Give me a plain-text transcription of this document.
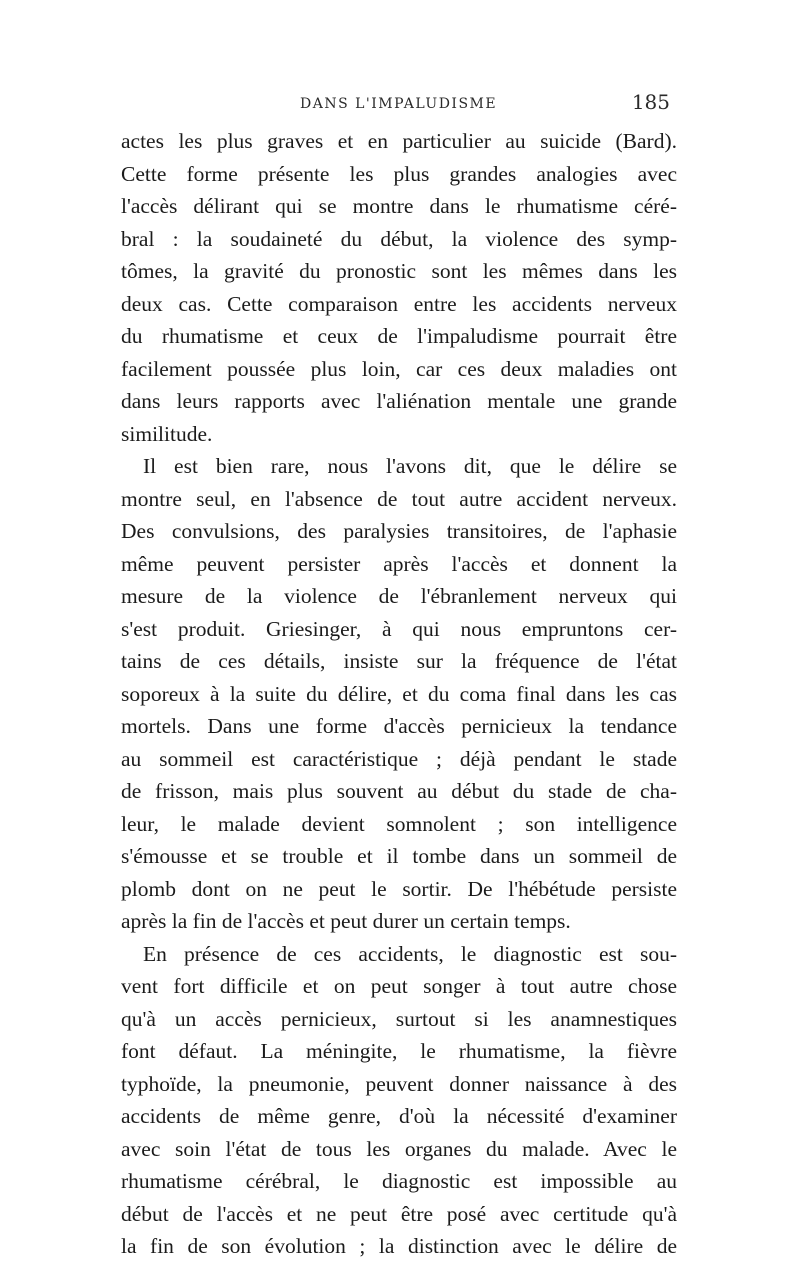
DANS L'IMPALUDISME	185
actes les plus graves et en particulier au suicide (Bard).
Cette forme présente les plus grandes analogies avec
l'accès délirant qui se montre dans le rhumatisme céré-
bral : la soudaineté du début, la violence des symp-
tômes, la gravité du pronostic sont les mêmes dans les
deux cas. Cette comparaison entre les accidents nerveux
du rhumatisme et ceux de l'impaludisme pourrait être
facilement poussée plus loin, car ces deux maladies ont
dans leurs rapports avec l'aliénation mentale une grande
similitude.
Il est bien rare, nous l'avons dit, que le délire se
montre seul, en l'absence de tout autre accident nerveux.
Des convulsions, des paralysies transitoires, de l'aphasie
même peuvent persister après l'accès et donnent la
mesure de la violence de l'ébranlement nerveux qui
s'est produit. Griesinger, à qui nous empruntons cer-
tains de ces détails, insiste sur la fréquence de l'état
soporeux à la suite du délire, et du coma final dans les cas
mortels. Dans une forme d'accès pernicieux la tendance
au sommeil est caractéristique ; déjà pendant le stade
de frisson, mais plus souvent au début du stade de cha-
leur, le malade devient somnolent ; son intelligence
s'émousse et se trouble et il tombe dans un sommeil de
plomb dont on ne peut le sortir. De l'hébétude persiste
après la fin de l'accès et peut durer un certain temps.
En présence de ces accidents, le diagnostic est sou-
vent fort difficile et on peut songer à tout autre chose
qu'à un accès pernicieux, surtout si les anamnestiques
font défaut. La méningite, le rhumatisme, la fièvre
typhoïde, la pneumonie, peuvent donner naissance à des
accidents de même genre, d'où la nécessité d'examiner
avec soin l'état de tous les organes du malade. Avec le
rhumatisme cérébral, le diagnostic est impossible au
début de l'accès et ne peut être posé avec certitude qu'à
la fin de son évolution ; la distinction avec le délire de
